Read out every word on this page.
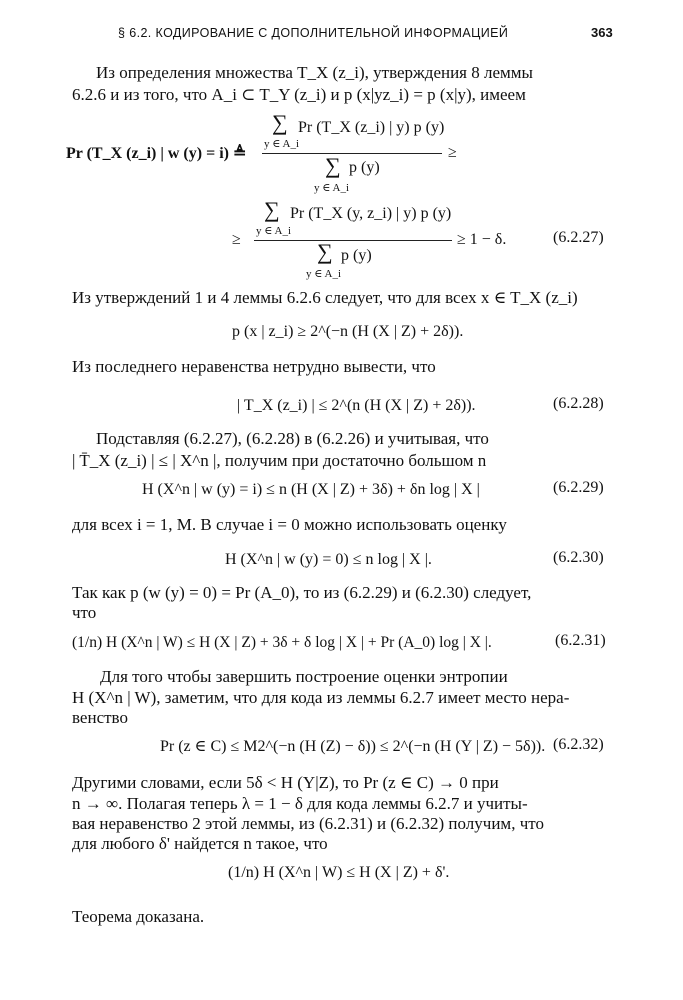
§ 6.2. КОДИРОВАНИЕ С ДОПОЛНИТЕЛЬНОЙ ИНФОРМАЦИЕЙ	363
Из определения множества T_X (z_i), утверждения 8 леммы
6.2.6 и из того, что A_i ⊂ T_Y (z_i) и p (x|yz_i) = p (x|y), имеем
∑
y ∈ A_i
Pr (T_X (z_i) | y) p (y)
Pr (T_X (z_i) | w (y) = i) ≜	≥
∑ p (y)
y ∈ A_i
∑ Pr (T_X (y, z_i) | y) p (y)
y ∈ A_i
≥	≥ 1 − δ.	(6.2.27)
∑ p (y)
y ∈ A_i
Из утверждений 1 и 4 леммы 6.2.6 следует, что для всех x ∈ T_X (z_i)
p (x | z_i) ≥ 2^(−n (H (X | Z) + 2δ)).
Из последнего неравенства нетрудно вывести, что
| T_X (z_i) | ≤ 2^(n (H (X | Z) + 2δ)).	(6.2.28)
Подставляя (6.2.27), (6.2.28) в (6.2.26) и учитывая, что
| T̄_X (z_i) | ≤ | X^n |, получим при достаточно большом n
H (X^n | w (y) = i) ≤ n (H (X | Z) + 3δ) + δn log | X |	(6.2.29)
для всех i = 1, M. В случае i = 0 можно использовать оценку
H (X^n | w (y) = 0) ≤ n log | X |.	(6.2.30)
Так как p (w (y) = 0) = Pr (A_0), то из (6.2.29) и (6.2.30) следует,
что
(1/n) H (X^n | W) ≤ H (X | Z) + 3δ + δ log | X | + Pr (A_0) log | X |.	(6.2.31)
Для того чтобы завершить построение оценки энтропии
H (X^n | W), заметим, что для кода из леммы 6.2.7 имеет место нера-
венство
Pr (z ∈ C) ≤ M2^(−n (H (Z) − δ)) ≤ 2^(−n (H (Y | Z) − 5δ)). (6.2.32)
Другими словами, если 5δ < H (Y|Z), то Pr (z ∈ C) → 0 при
n → ∞. Полагая теперь λ = 1 − δ для кода леммы 6.2.7 и учиты-
вая неравенство 2 этой леммы, из (6.2.31) и (6.2.32) получим, что
для любого δ' найдется n такое, что
(1/n) H (X^n | W) ≤ H (X | Z) + δ'.
Теорема доказана.
